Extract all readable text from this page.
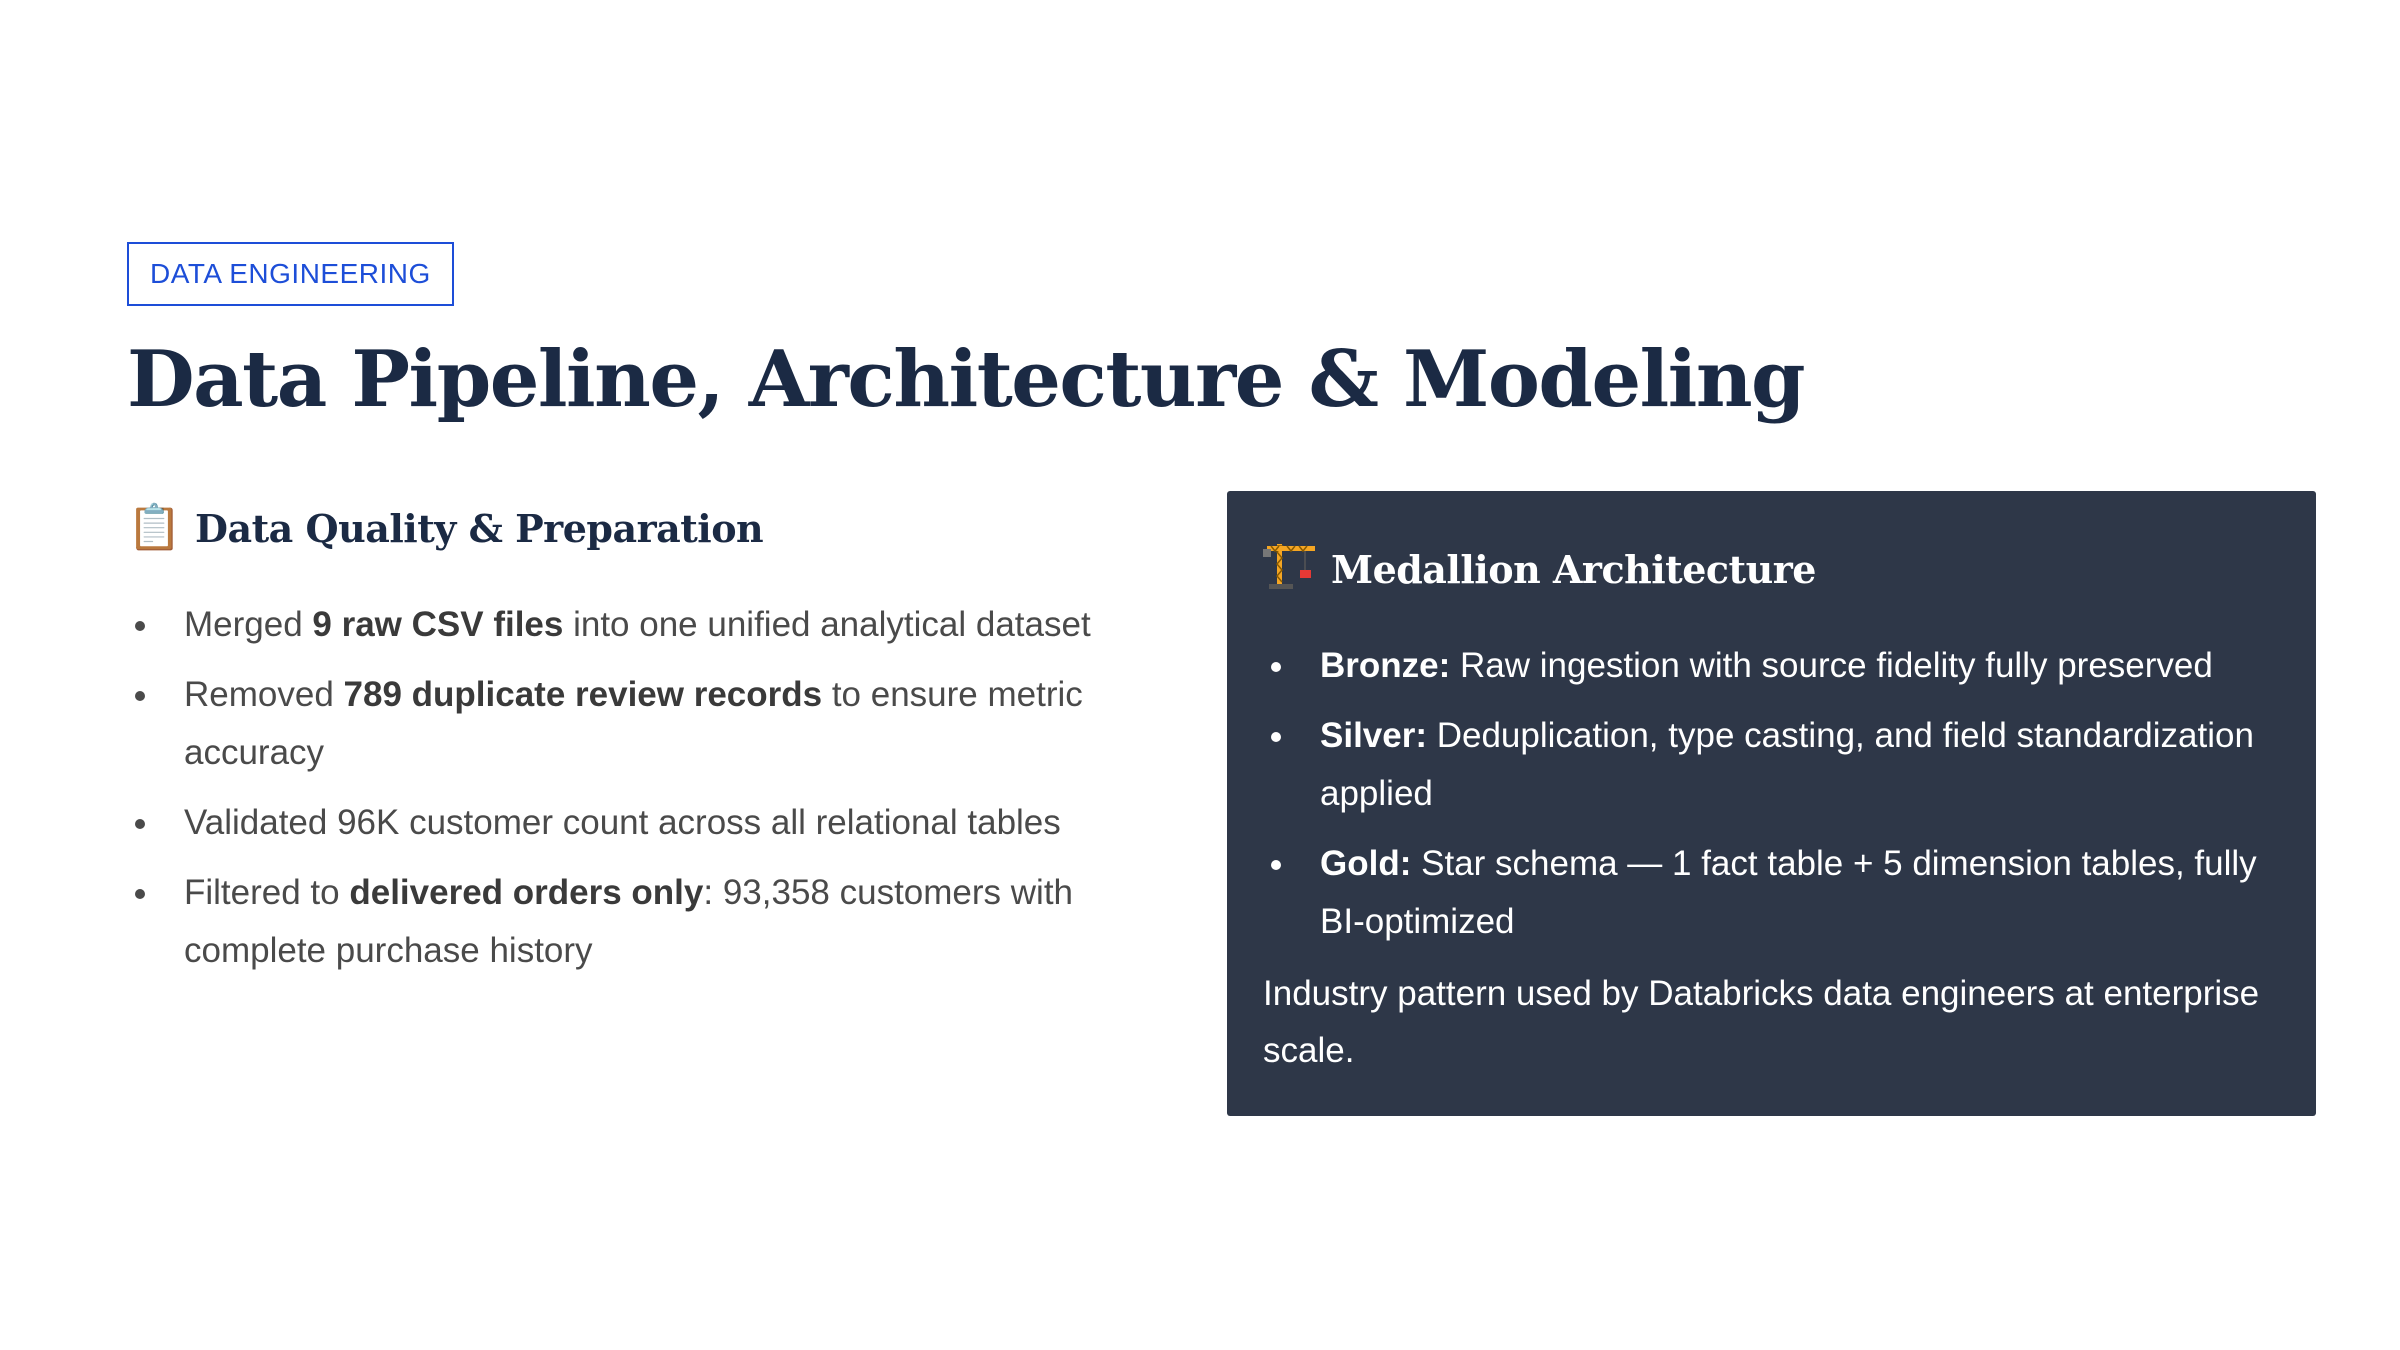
DATA ENGINEERING
Data Pipeline, Architecture & Modeling
📋 Data Quality & Preparation
Merged 9 raw CSV files into one unified analytical dataset
Removed 789 duplicate review records to ensure metric accuracy
Validated 96K customer count across all relational tables
Filtered to delivered orders only: 93,358 customers with complete purchase history
Medallion Architecture
Bronze: Raw ingestion with source fidelity fully preserved
Silver: Deduplication, type casting, and field standardization applied
Gold: Star schema — 1 fact table + 5 dimension tables, fully BI-optimized

Industry pattern used by Databricks data engineers at enterprise scale.
